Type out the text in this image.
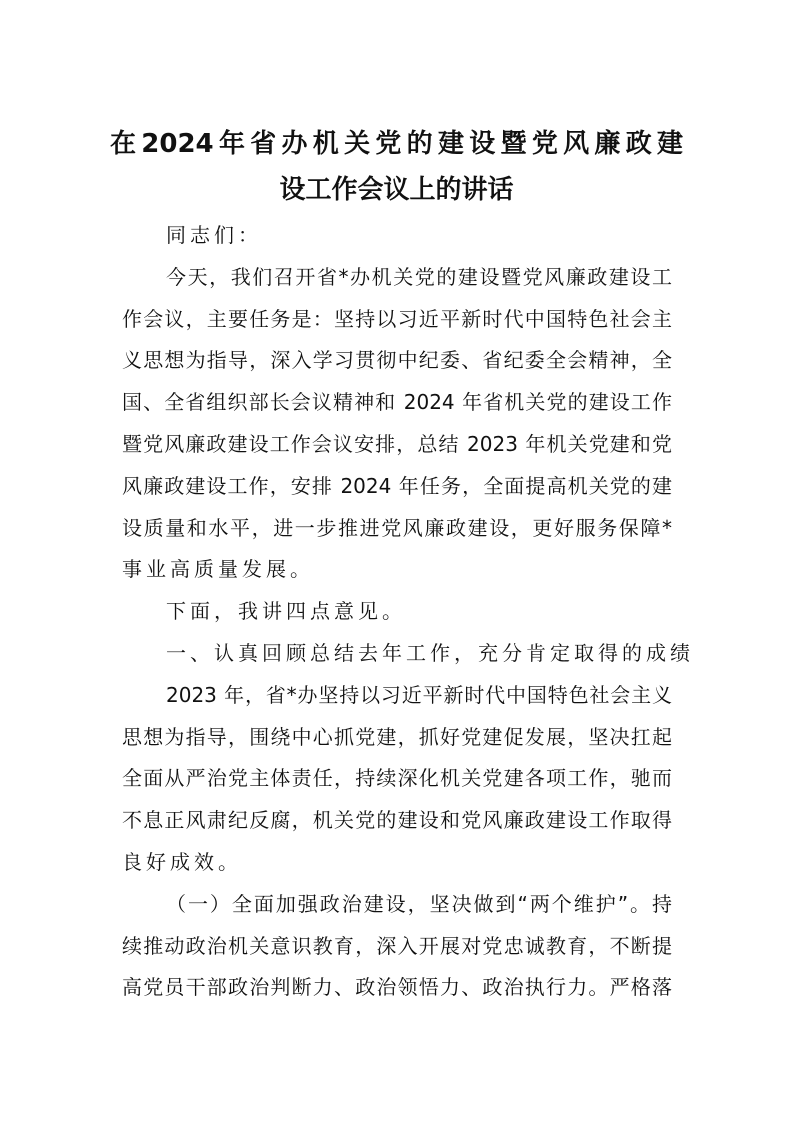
在2024年省办机关党的建设暨党风廉政建
设工作会议上的讲话
同志们：
今天，我们召开省*办机关党的建设暨党风廉政建设工
作会议，主要任务是：坚持以习近平新时代中国特色社会主
义思想为指导，深入学习贯彻中纪委、省纪委全会精神，全
国、全省组织部长会议精神和 2024 年省机关党的建设工作
暨党风廉政建设工作会议安排，总结 2023 年机关党建和党
风廉政建设工作，安排 2024 年任务，全面提高机关党的建
设质量和水平，进一步推进党风廉政建设，更好服务保障*
事业高质量发展。
下面，我讲四点意见。
一、认真回顾总结去年工作，充分肯定取得的成绩
2023 年，省*办坚持以习近平新时代中国特色社会主义
思想为指导，围绕中心抓党建，抓好党建促发展，坚决扛起
全面从严治党主体责任，持续深化机关党建各项工作，驰而
不息正风肃纪反腐，机关党的建设和党风廉政建设工作取得
良好成效。
（一）全面加强政治建设，坚决做到“两个维护”。持
续推动政治机关意识教育，深入开展对党忠诚教育，不断提
高党员干部政治判断力、政治领悟力、政治执行力。严格落
